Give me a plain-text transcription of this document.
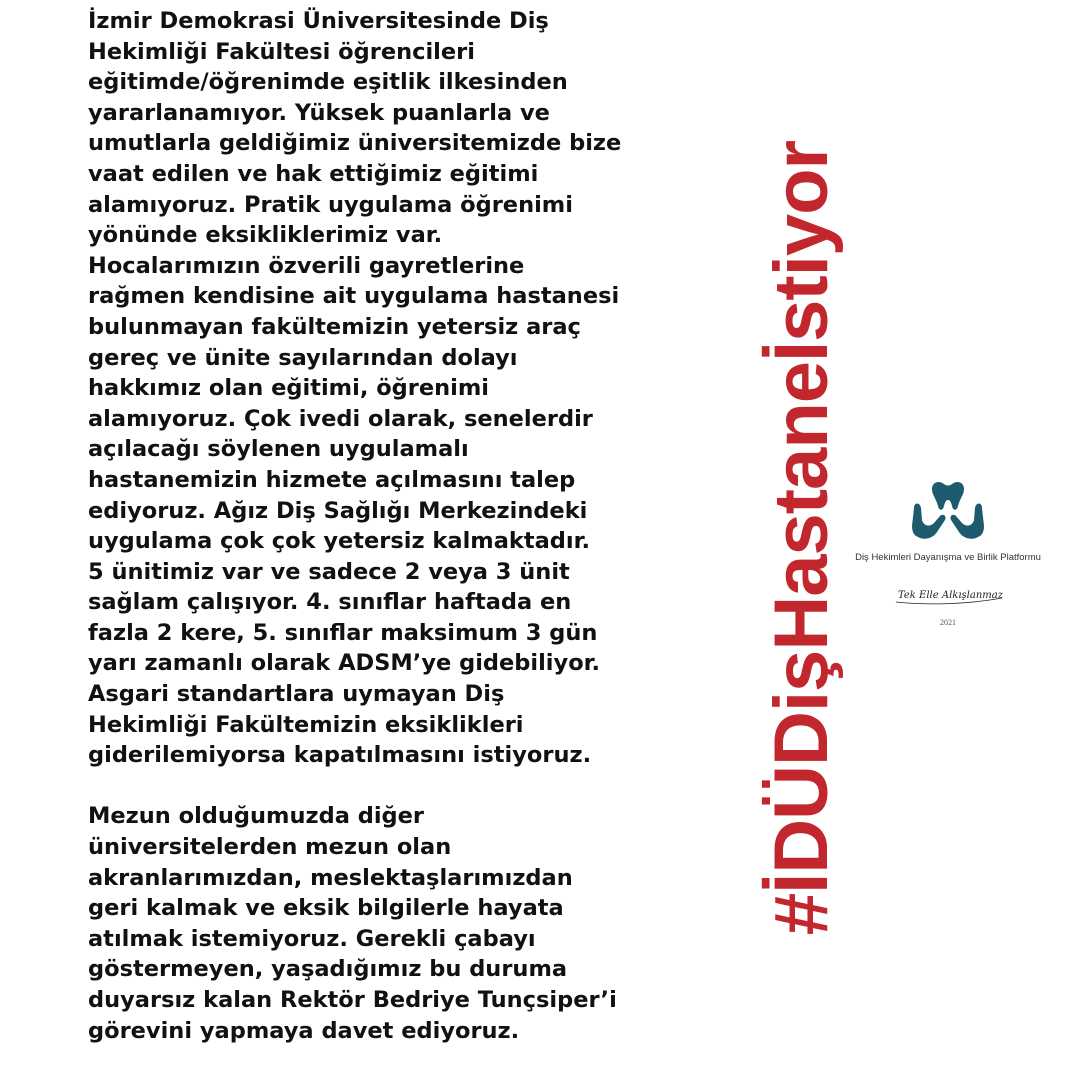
İzmir Demokrasi Üniversitesinde Diş
Hekimliği Fakültesi öğrencileri
eğitimde/öğrenimde eşitlik ilkesinden
yararlanamıyor. Yüksek puanlarla ve
umutlarla geldiğimiz üniversitemizde bize
vaat edilen ve hak ettiğimiz eğitimi
alamıyoruz. Pratik uygulama öğrenimi
yönünde eksikliklerimiz var.
Hocalarımızın özverili gayretlerine
rağmen kendisine ait uygulama hastanesi
bulunmayan fakültemizin yetersiz araç
gereç ve ünite sayılarından dolayı
hakkımız olan eğitimi, öğrenimi
alamıyoruz. Çok ivedi olarak, senelerdir
açılacağı söylenen uygulamalı
hastanemizin hizmete açılmasını talep
ediyoruz. Ağız Diş Sağlığı Merkezindeki
uygulama çok çok yetersiz kalmaktadır.
5 ünitimiz var ve sadece 2 veya 3 ünit
sağlam çalışıyor. 4. sınıflar haftada en
fazla 2 kere, 5. sınıflar maksimum 3 gün
yarı zamanlı olarak ADSM’ye gidebiliyor.
Asgari standartlara uymayan Diş
Hekimliği Fakültemizin eksiklikleri
giderilemiyorsa kapatılmasını istiyoruz.
Mezun olduğumuzda diğer
üniversitelerden mezun olan
akranlarımızdan, meslektaşlarımızdan
geri kalmak ve eksik bilgilerle hayata
atılmak istemiyoruz. Gerekli çabayı
göstermeyen, yaşadığımız bu duruma
duyarsız kalan Rektör Bedriye Tunçsiper’i
görevini yapmaya davet ediyoruz.
#İDÜDişHastaneİstiyor	Diş Hekimleri Dayanışma ve Birlik Platformu
Tek Elle Alkışlanmaz
2021
